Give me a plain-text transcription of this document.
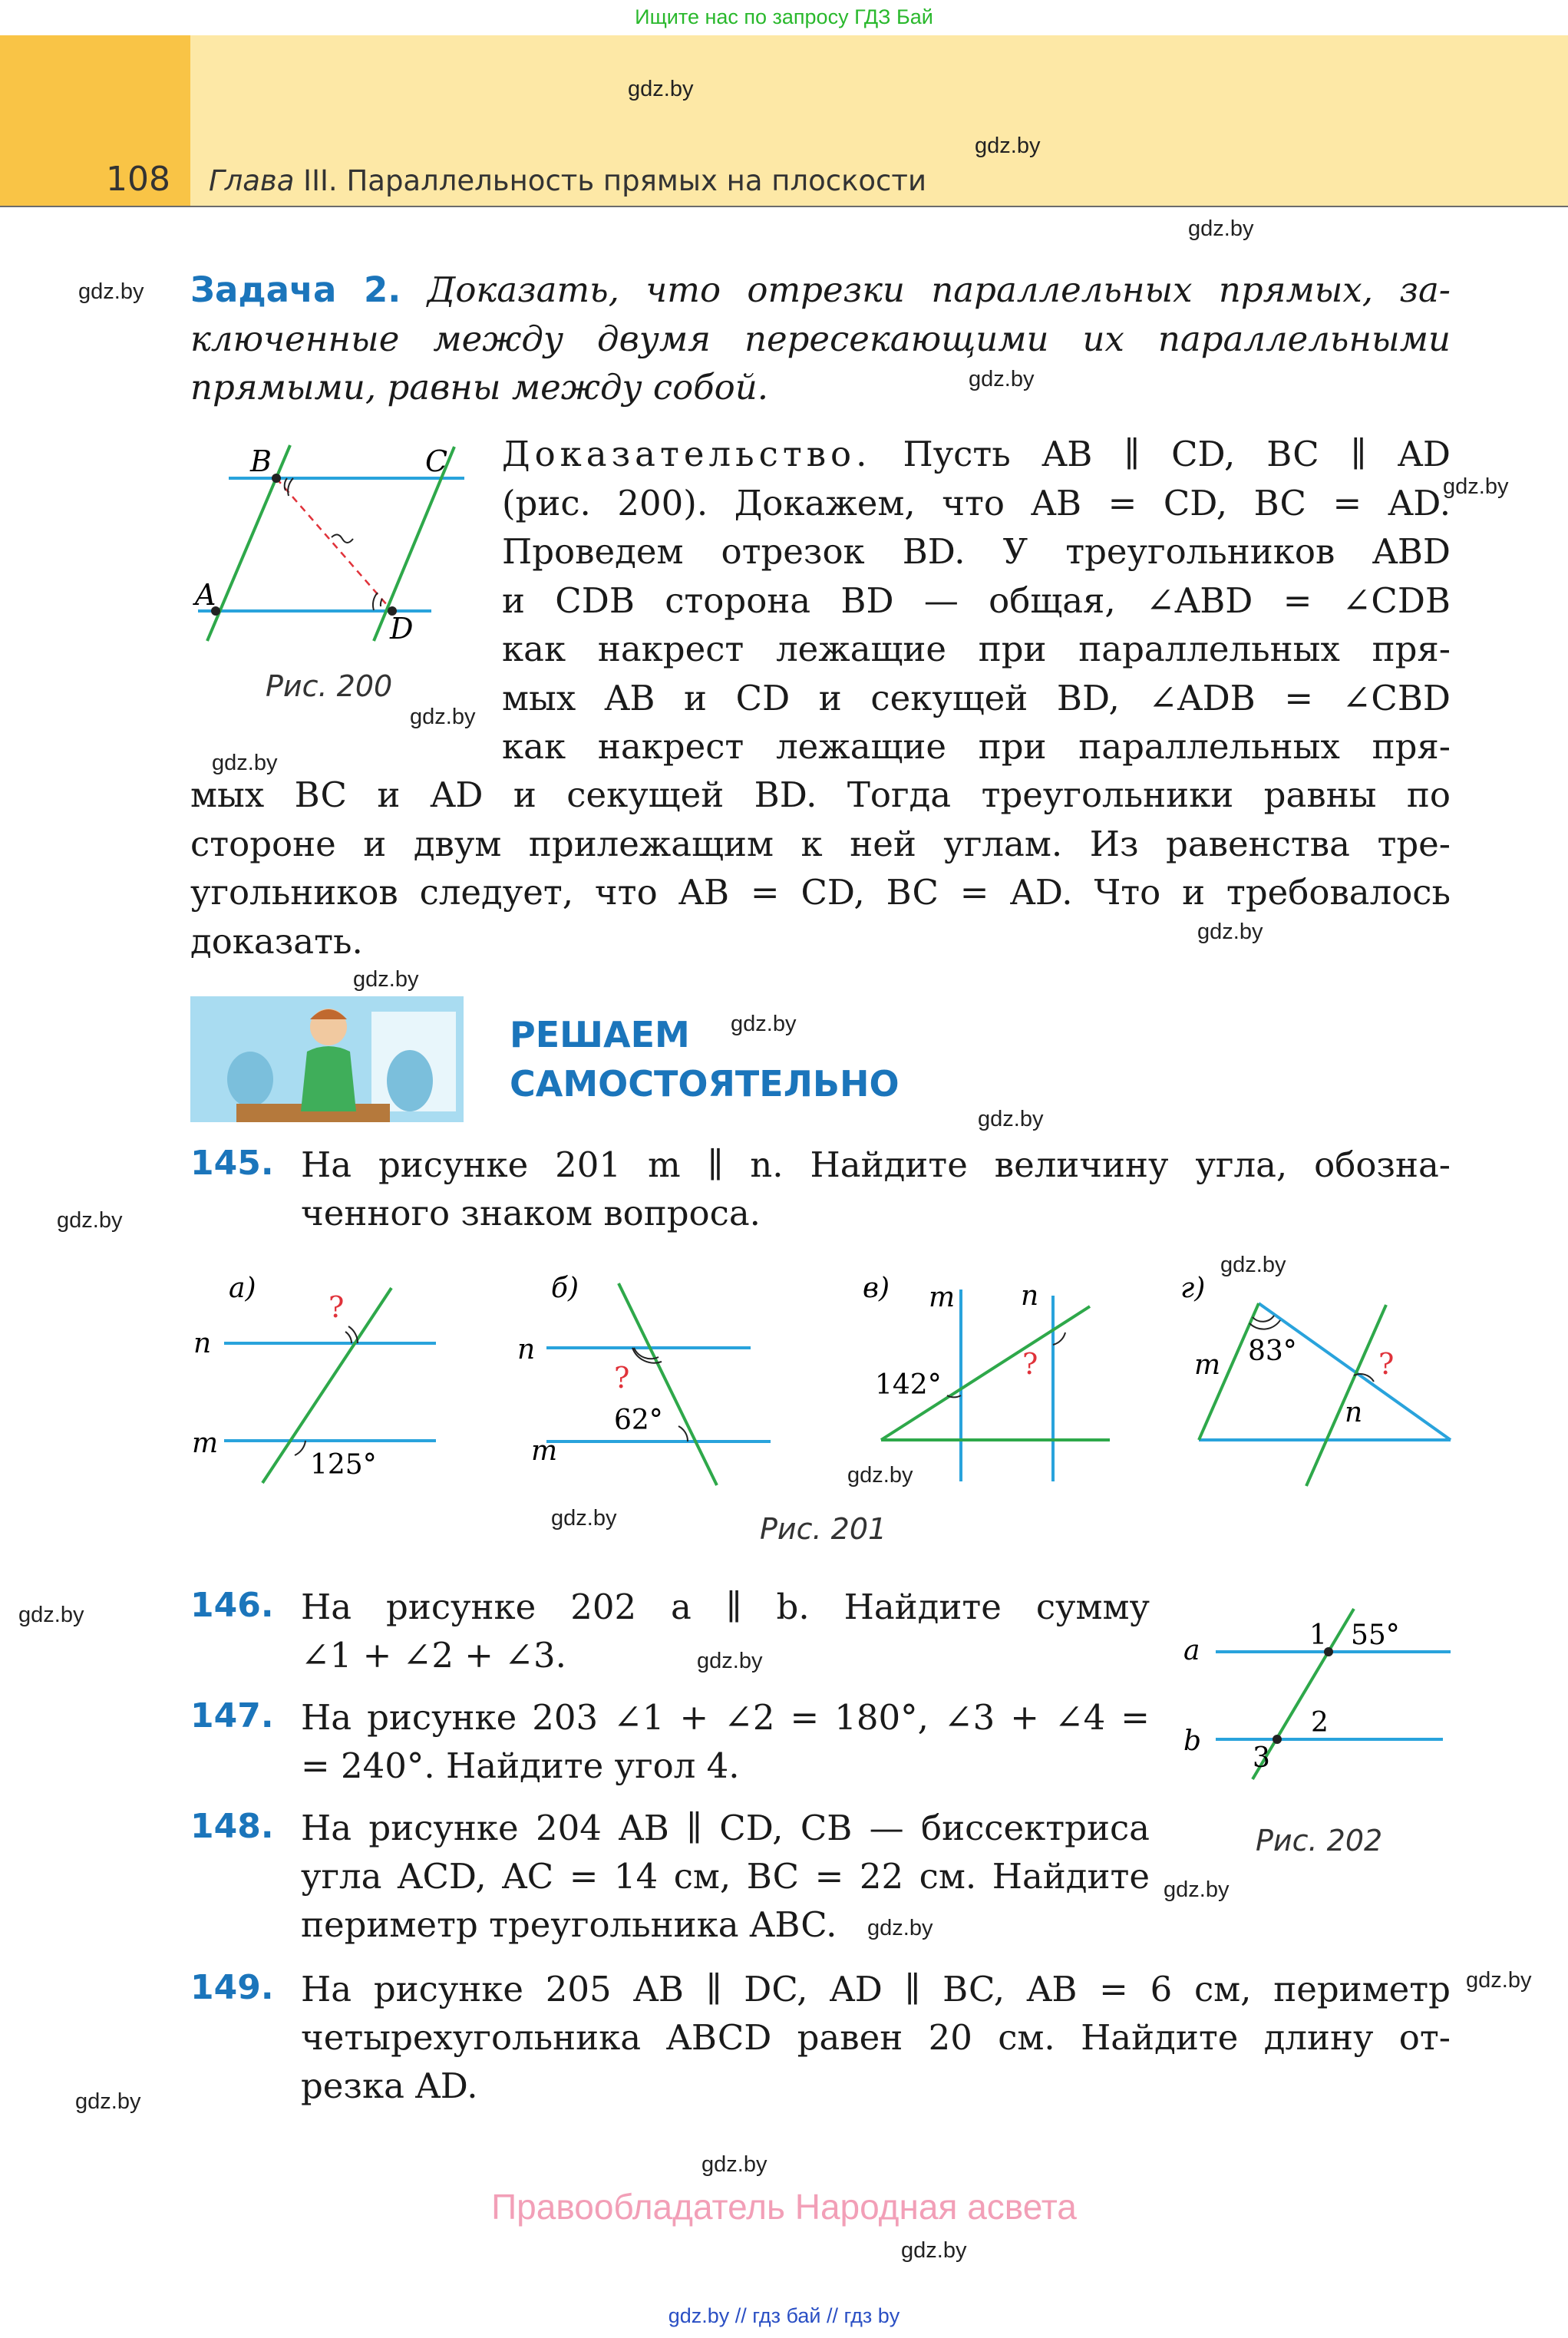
Ищите нас по запросу ГДЗ Бай
108 Глава III. Параллельность прямых на плоскости
gdz.by
gdz.by
gdz.by
gdz.by
gdz.by
gdz.by
gdz.by
gdz.by
gdz.by
gdz.by
gdz.by
gdz.by
gdz.by
gdz.by
gdz.by
gdz.by
gdz.by
gdz.by
gdz.by
gdz.by
gdz.by
gdz.by
gdz.by
gdz.by
Задача 2. Доказать, что отрезки параллельных прямых, за-
ключенные между двумя пересекающими их параллельными
прямыми, равны между собой.
B	C
A
D
Рис. 200
Доказательство. Пусть AB ∥ CD, BC ∥ AD
(рис. 200). Докажем, что AB = CD, BC = AD.
Проведем отрезок BD. У треугольников ABD
и CDB сторона BD — общая, ∠ABD = ∠CDB
как накрест лежащие при параллельных пря-
мых AB и CD и секущей BD, ∠ADB = ∠CBD
как накрест лежащие при параллельных пря-
мых BC и AD и секущей BD. Тогда треугольники равны по
стороне и двум прилежащим к ней углам. Из равенства тре-
угольников следует, что AB = CD, BC = AD. Что и требовалось
доказать.
РЕШАЕМ
САМОСТОЯТЕЛЬНО
145. На рисунке 201 m ∥ n. Найдите величину угла, обозна-
ченного знаком вопроса.
а)
n
m
?
125°
б)
n
m
?
62°
в) m n
?
142°
г)
m
n
?
83°
Рис. 201
146. На рисунке 202 a ∥ b. Найдите сумму
∠1 + ∠2 + ∠3.
147. На рисунке 203 ∠1 + ∠2 = 180°, ∠3 + ∠4 =
= 240°. Найдите угол 4.
148. На рисунке 204 AB ∥ CD, CB — биссектриса
угла ACD, AC = 14 см, BC = 22 см. Найдите
периметр треугольника ABC.
149. На рисунке 205 AB ∥ DC, AD ∥ BC, AB = 6 см, периметр
четырехугольника ABCD равен 20 см. Найдите длину от-
резка AD.
a
b
1 55°
2
3
Рис. 202
Правообладатель Народная асвета
gdz.by // гдз бай // гдз by
